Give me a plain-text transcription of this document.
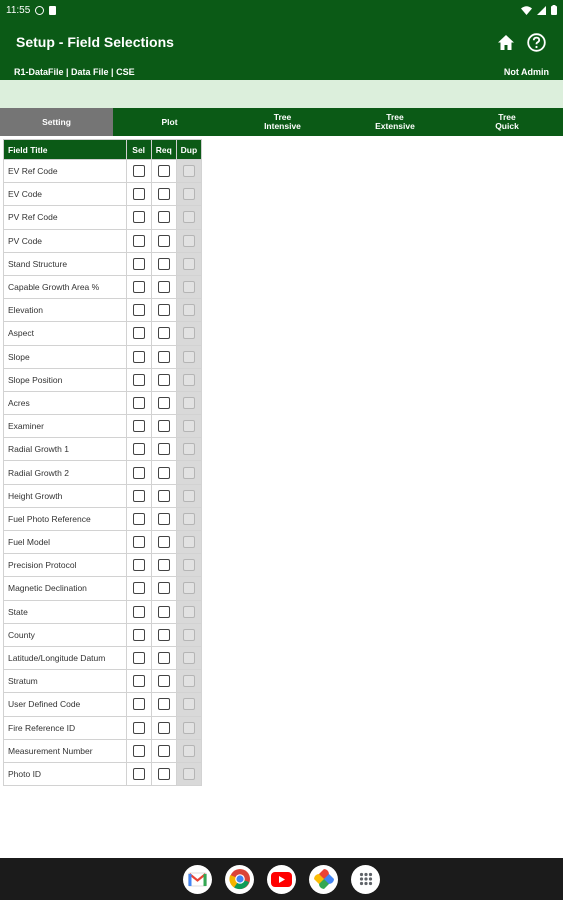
11:55
Setup - Field Selections
R1-DataFile | Data File | CSE	Not Admin
Setting	Plot	Tree
Intensive
Tree
Extensive
Tree
Quick
Field Title	Sel	Req	Dup
EV Ref Code			
EV Code			
PV Ref Code			
PV Code			
Stand Structure			
Capable Growth Area %			
Elevation			
Aspect			
Slope			
Slope Position			
Acres			
Examiner			
Radial Growth 1			
Radial Growth 2			
Height Growth			
Fuel Photo Reference			
Fuel Model			
Precision Protocol			
Magnetic Declination			
State			
County			
Latitude/Longitude Datum			
Stratum			
User Defined Code			
Fire Reference ID			
Measurement Number			
Photo ID			
